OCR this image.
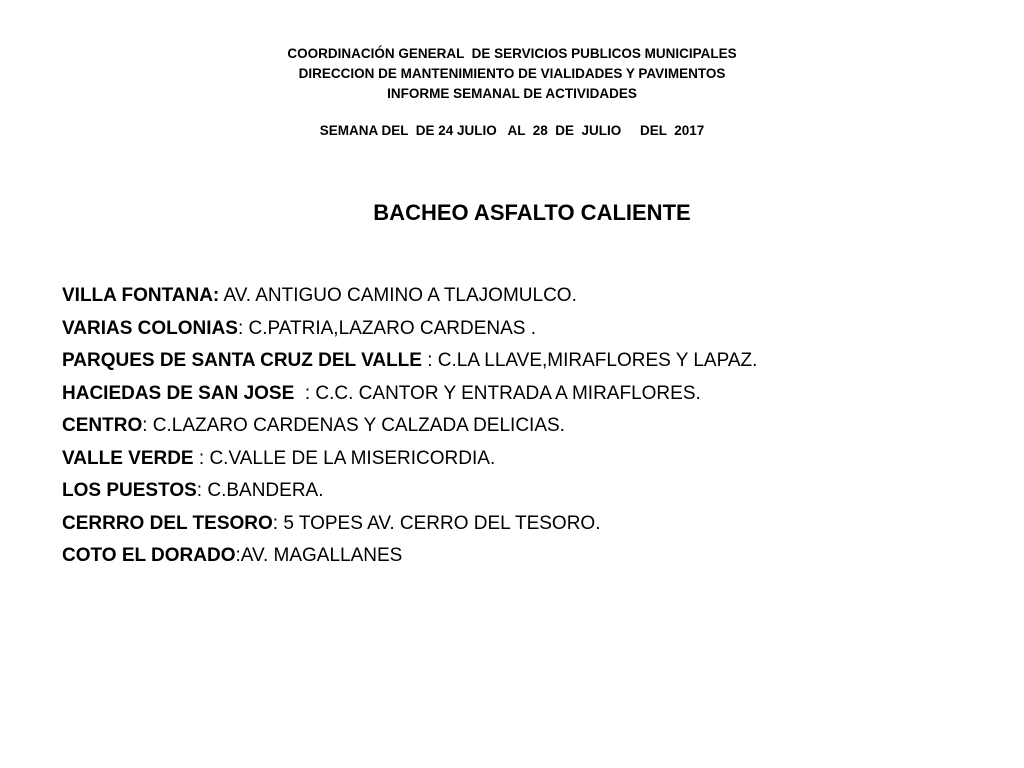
COORDINACIÓN GENERAL  DE SERVICIOS PUBLICOS MUNICIPALES
DIRECCION DE MANTENIMIENTO DE VIALIDADES Y PAVIMENTOS
INFORME SEMANAL DE ACTIVIDADES
SEMANA DEL  DE 24 JULIO   AL  28  DE  JULIO     DEL  2017
BACHEO ASFALTO CALIENTE
VILLA FONTANA: AV. ANTIGUO CAMINO A TLAJOMULCO.
VARIAS COLONIAS: C.PATRIA,LAZARO CARDENAS .
PARQUES DE SANTA CRUZ DEL VALLE : C.LA LLAVE,MIRAFLORES Y LAPAZ.
HACIEDAS DE SAN JOSE  : C.C. CANTOR Y ENTRADA A MIRAFLORES.
CENTRO: C.LAZARO CARDENAS Y CALZADA DELICIAS.
VALLE VERDE : C.VALLE DE LA MISERICORDIA.
LOS PUESTOS: C.BANDERA.
CERRRO DEL TESORO: 5 TOPES AV. CERRO DEL TESORO.
COTO EL DORADO:AV. MAGALLANES
